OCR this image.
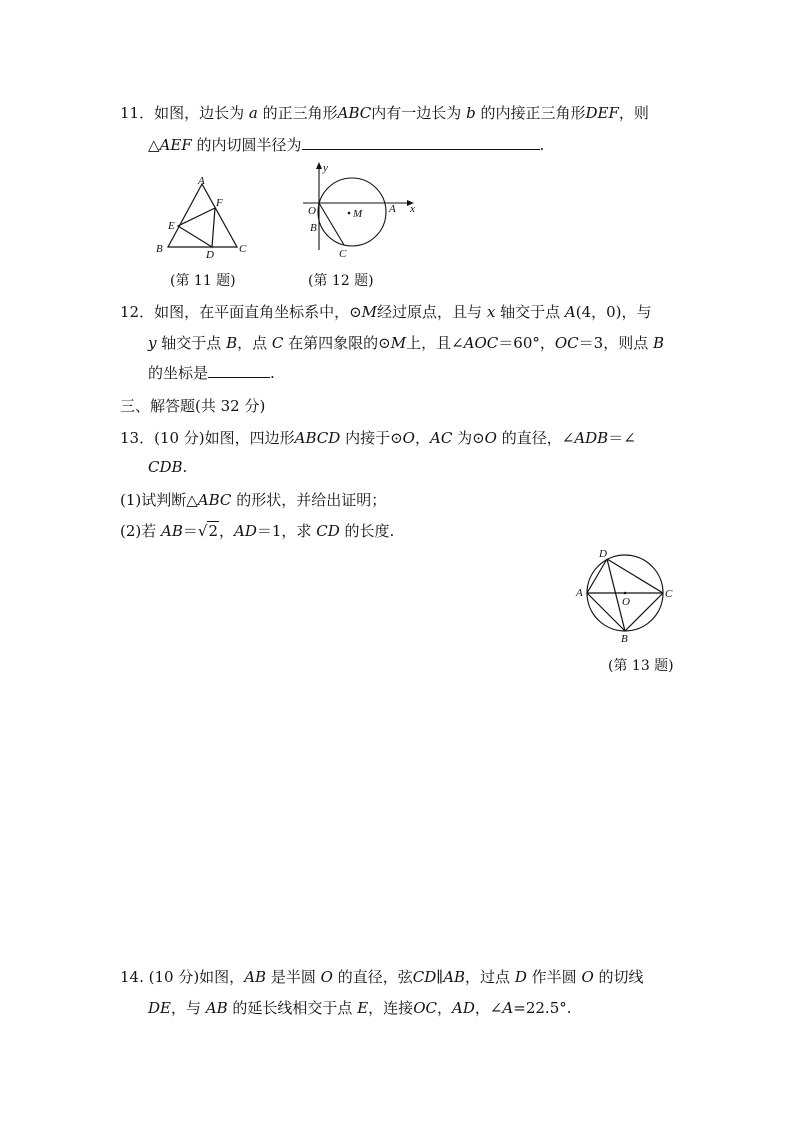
11．如图，边长为 a 的正三角形ABC内有一边长为 b 的内接正三角形DEF，则
△AEF 的内切圆半径为	.
A
F
E
B	D C
(第 11 题)
y
O	M A x
B
C
(第 12 题)
12．如图，在平面直角坐标系中，⊙M经过原点，且与 x 轴交于点 A(4，0)，与
y 轴交于点 B，点 C 在第四象限的⊙M上，且∠AOC＝60°，OC＝3，则点 B
的坐标是	.
三、解答题(共 32 分)
13．(10 分)如图，四边形ABCD 内接于⊙O，AC 为⊙O 的直径，∠ADB＝∠
CDB.
(1)试判断△ABC 的形状，并给出证明；
(2)若 AB＝√2，AD＝1，求 CD 的长度.
D
A
O
C
B
(第 13 题)
14. (10 分)如图，AB 是半圆 O 的直径，弦CD∥AB，过点 D 作半圆 O 的切线
DE，与 AB 的延长线相交于点 E，连接OC，AD，∠A=22.5°.
